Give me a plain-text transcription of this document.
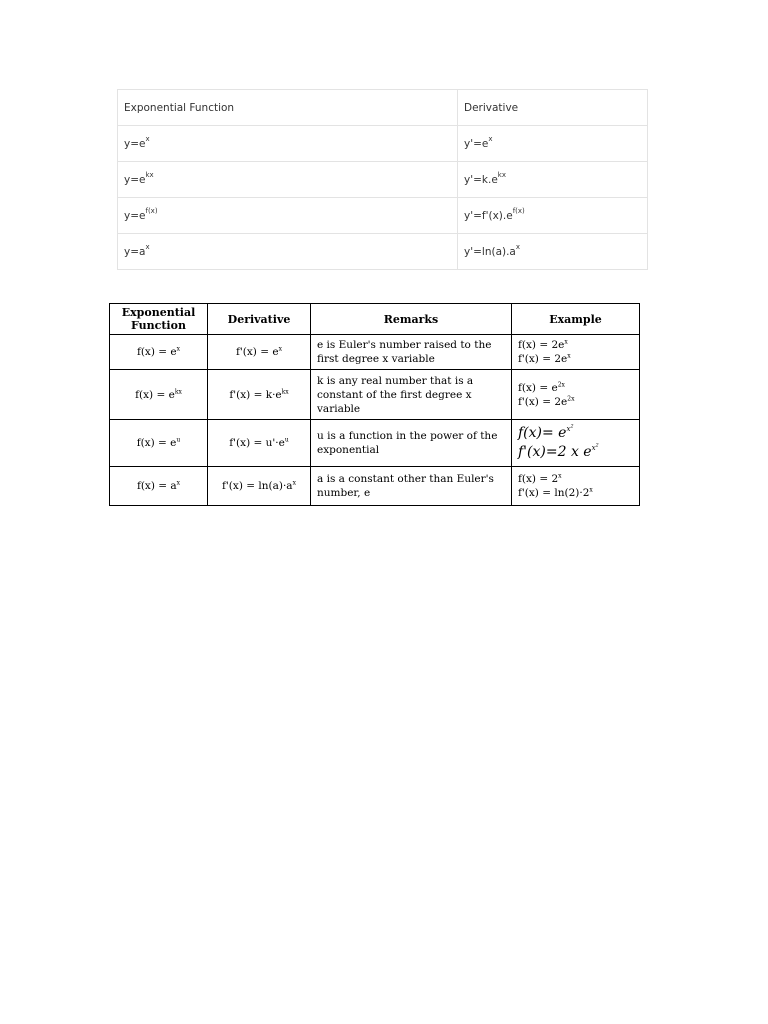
Exponential Function	Derivative
$y=e^x$	$y'=e^x$
$y=e^{kx}$	$y'=k.e^{kx}$
$y=e^{f(x)}$	$y'=f'(x).e^{f(x)}$
$y=a^x$	$y'=\ln(a).a^x$
Exponential Function	Derivative	Remarks	Example
$f(x) = e^x$	$f'(x) = e^x$	e is Euler's number raised to the first degree x variable	$f(x) = 2e^x$
$f'(x) = 2e^x$

$f(x) = e^{kx}$	$f'(x) = k\cdot e^{kx}$	k is any real number that is a constant of the first degree x variable	$f(x) = e^{2x}$
$f'(x) = 2e^{2x}$

$f(x) = e^u$	$f'(x) = u'\cdot e^u$	u is a function in the power of the exponential	$f(x)= e^{x^2}$
f'(x)=2 x $e^{x^2}$

$f(x) = a^x$	$f'(x) = \ln(a)\cdot a^x$	a is a constant other than Euler's number, e	$f(x) = 2^x$
$f'(x) = \ln(2)\cdot 2^x$
